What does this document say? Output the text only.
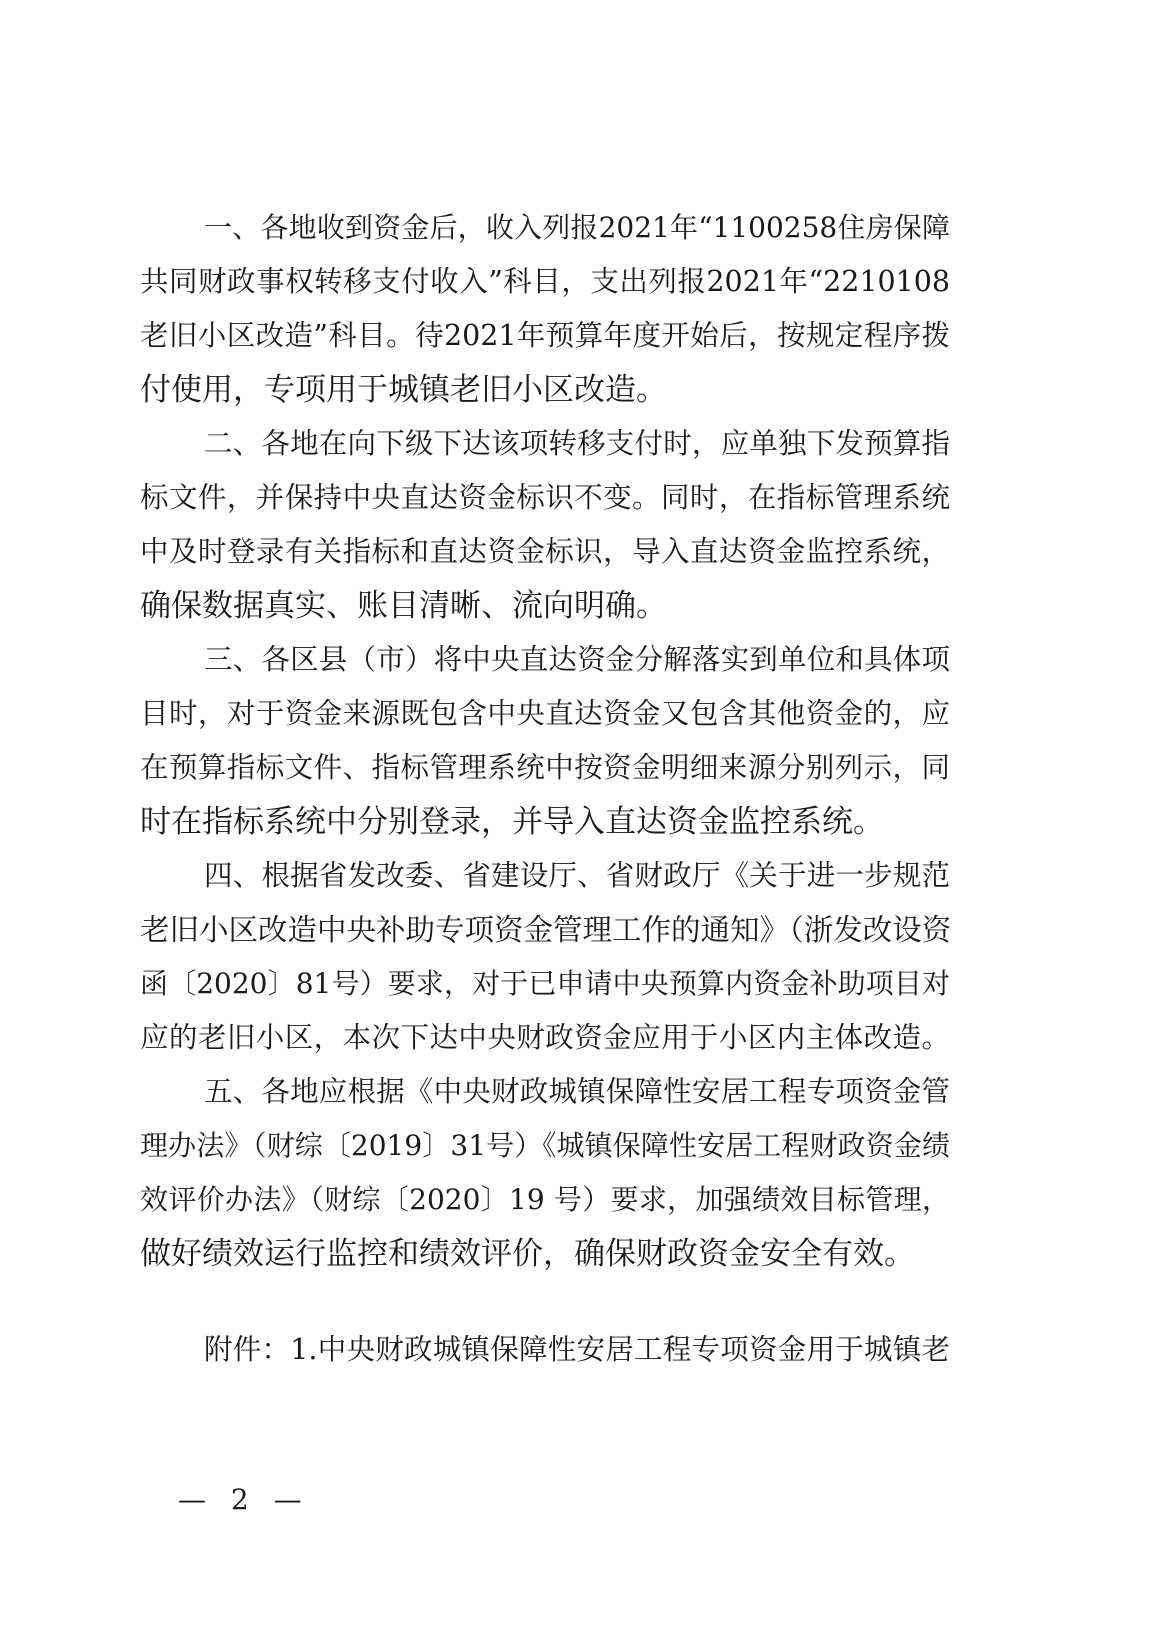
一、各地收到资金后，收入列报2021年“1100258住房保障
共同财政事权转移支付收入”科目，支出列报2021年“2210108
老旧小区改造”科目。待2021年预算年度开始后，按规定程序拨
付使用，专项用于城镇老旧小区改造。
二、各地在向下级下达该项转移支付时，应单独下发预算指
标文件，并保持中央直达资金标识不变。同时，在指标管理系统
中及时登录有关指标和直达资金标识，导入直达资金监控系统，
确保数据真实、账目清晰、流向明确。
三、各区县（市）将中央直达资金分解落实到单位和具体项
目时，对于资金来源既包含中央直达资金又包含其他资金的，应
在预算指标文件、指标管理系统中按资金明细来源分别列示，同
时在指标系统中分别登录，并导入直达资金监控系统。
四、根据省发改委、省建设厅、省财政厅《关于进一步规范
老旧小区改造中央补助专项资金管理工作的通知》（浙发改设资
函〔2020〕81号）要求，对于已申请中央预算内资金补助项目对
应的老旧小区，本次下达中央财政资金应用于小区内主体改造。
五、各地应根据《中央财政城镇保障性安居工程专项资金管
理办法》（财综〔2019〕31号）《城镇保障性安居工程财政资金绩
效评价办法》（财综〔2020〕19 号）要求，加强绩效目标管理，
做好绩效运行监控和绩效评价，确保财政资金安全有效。
附件：1.中央财政城镇保障性安居工程专项资金用于城镇老
— 2 —
